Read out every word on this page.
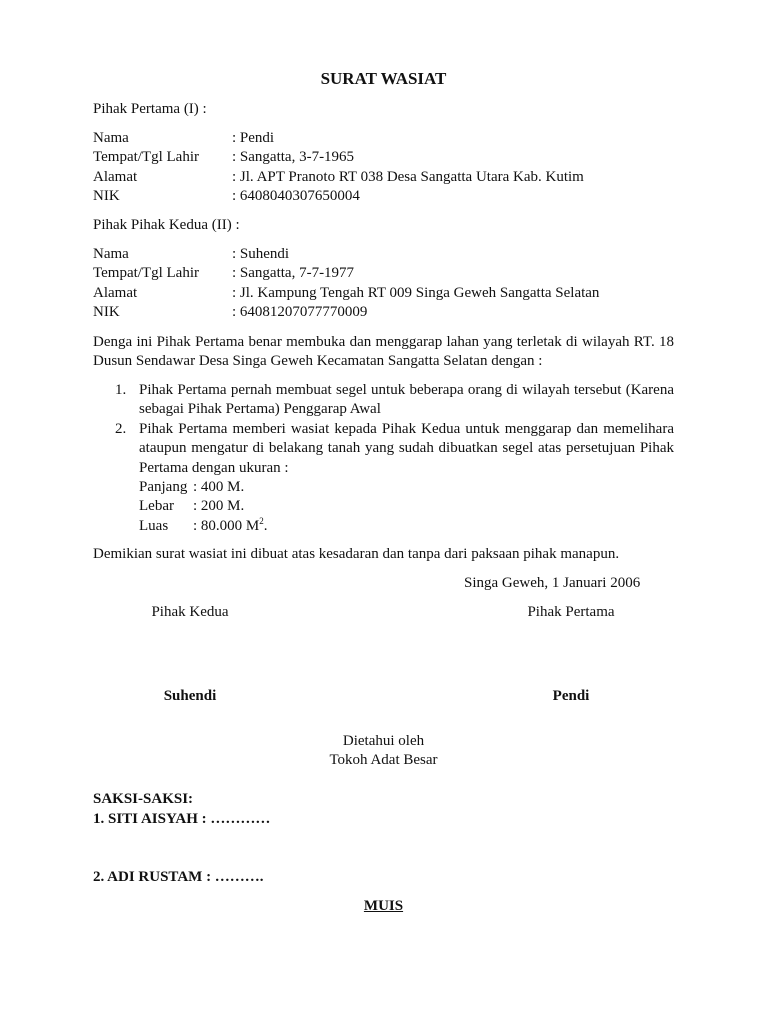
SURAT WASIAT
Pihak Pertama (I) :
Nama	: Pendi
Tempat/Tgl Lahir : Sangatta, 3-7-1965
Alamat	: Jl. APT Pranoto RT 038 Desa Sangatta Utara Kab. Kutim
NIK	: 6408040307650004
Pihak Pihak Kedua (II) :
Nama	: Suhendi
Tempat/Tgl Lahir : Sangatta, 7-7-1977
Alamat	: Jl. Kampung Tengah RT 009 Singa Geweh Sangatta Selatan
NIK	: 64081207077770009
Denga ini Pihak Pertama benar membuka dan menggarap lahan yang terletak di wilayah RT. 18 Dusun Sendawar Desa Singa Geweh Kecamatan Sangatta Selatan dengan :
1. Pihak Pertama pernah membuat segel untuk beberapa orang di wilayah tersebut (Karena sebagai Pihak Pertama) Penggarap Awal
2. Pihak Pertama memberi wasiat kepada Pihak Kedua untuk menggarap dan memelihara ataupun mengatur di belakang tanah yang sudah dibuatkan segel atas persetujuan Pihak Pertama dengan ukuran :
Panjang : 400 M.
Lebar : 200 M.
Luas : 80.000 $M^2$.
Demikian surat wasiat ini dibuat atas kesadaran dan tanpa dari paksaan pihak manapun.
Singa Geweh, 1 Januari 2006
Pihak Kedua	Pihak Pertama
Suhendi	Pendi
Dietahui oleh
Tokoh Adat Besar
SAKSI-SAKSI:
1. SITI AISYAH : …………
2. ADI RUSTAM : ……….
MUIS
